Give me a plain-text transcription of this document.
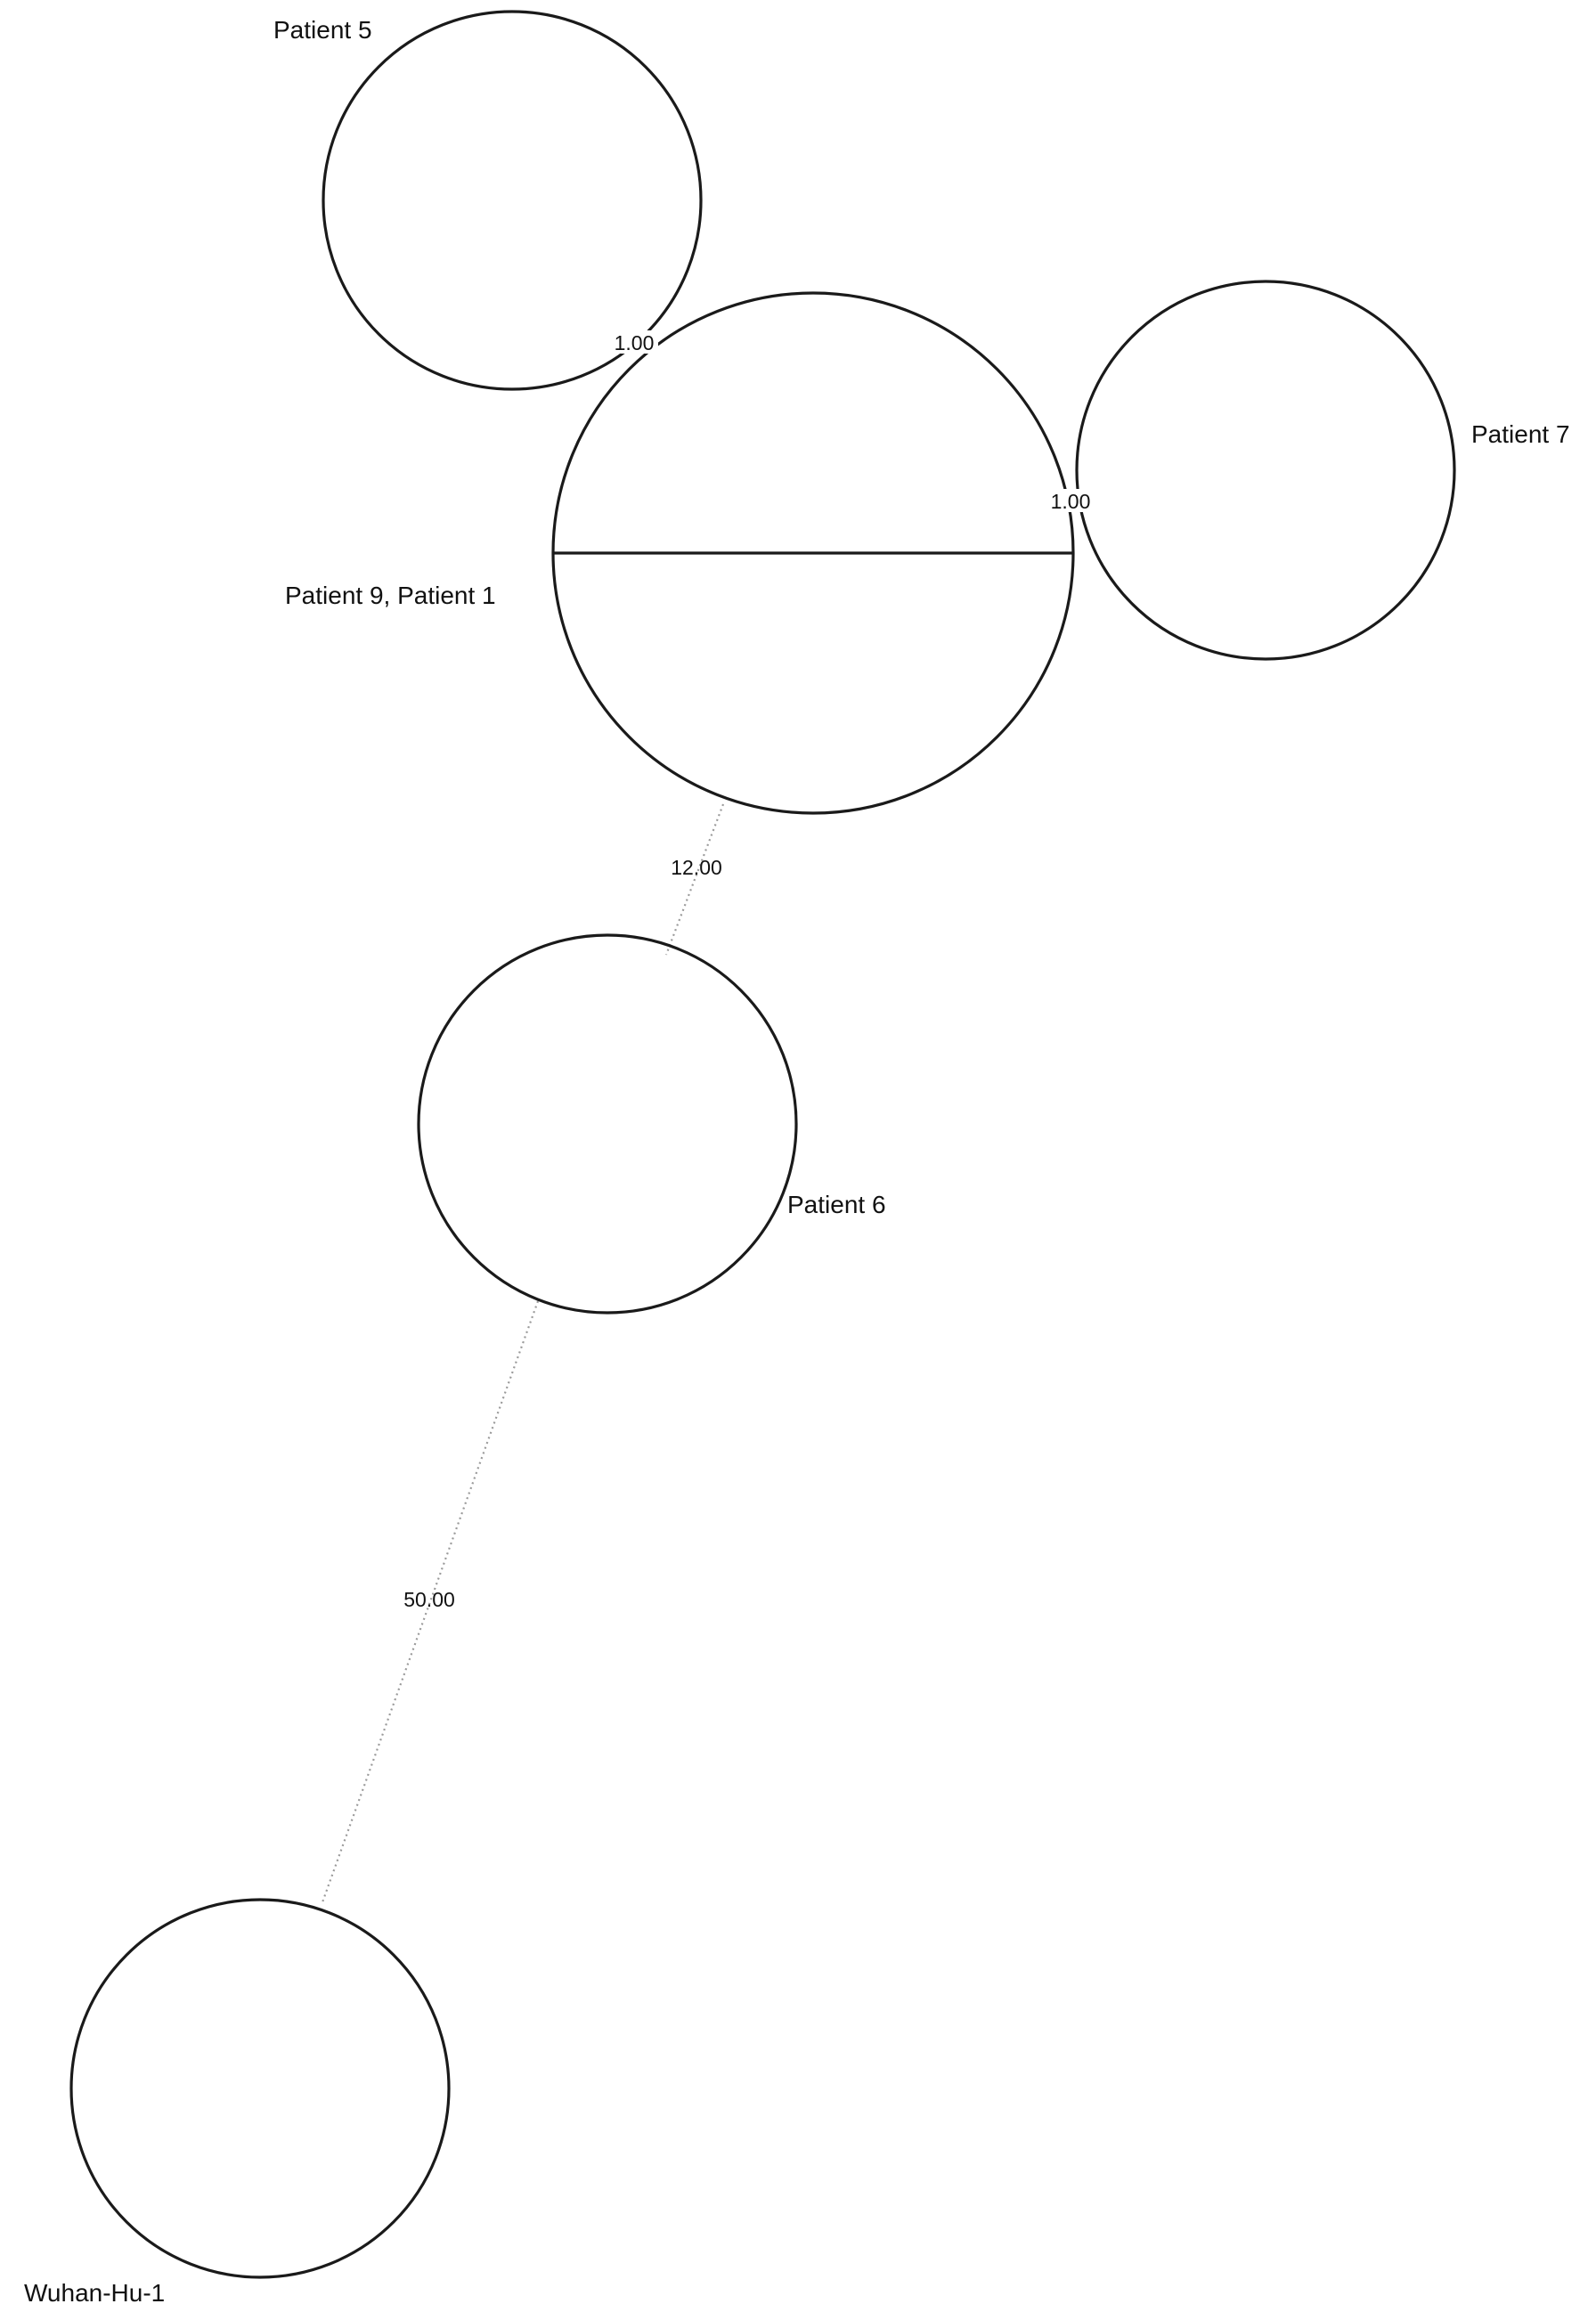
1.00
1.00
12.00
50.00
Patient 5
Patient 9, Patient 1
Patient 7
Patient 6
Wuhan-Hu-1
